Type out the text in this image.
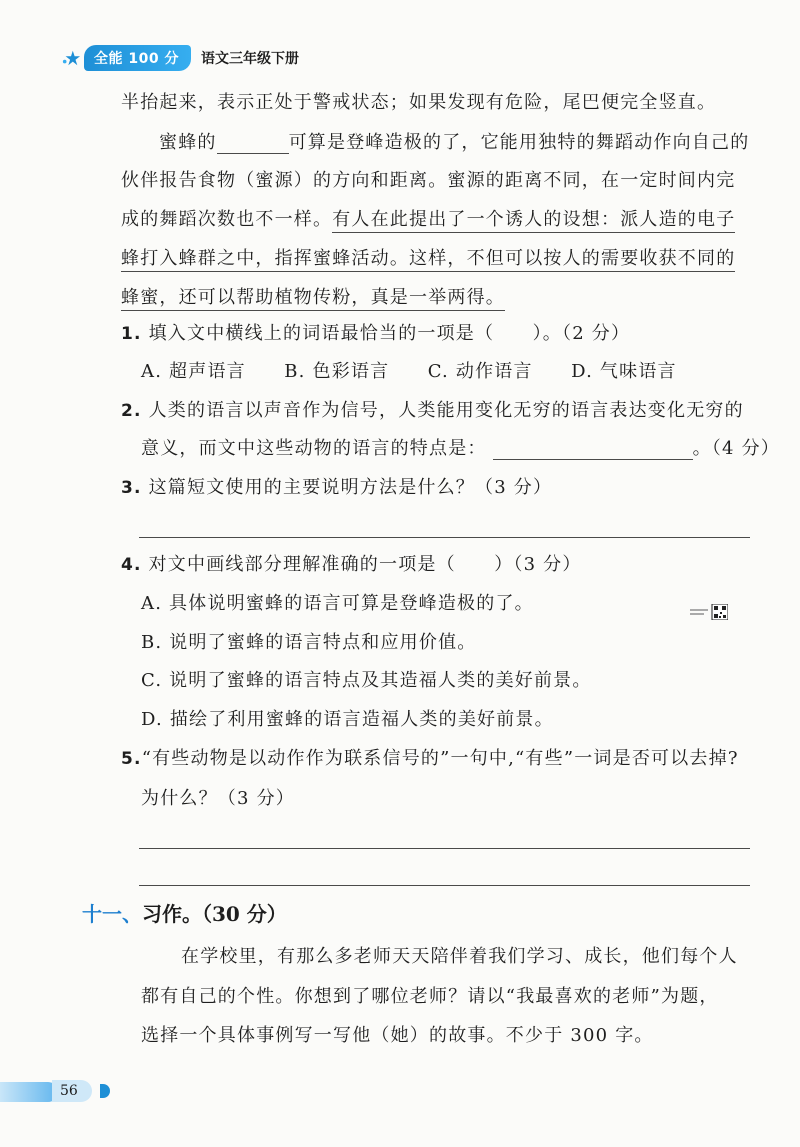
全能 100 分	语文三年级下册
半抬起来，表示正处于警戒状态；如果发现有危险，尾巴便完全竖直。
蜜蜂的	可算是登峰造极的了，它能用独特的舞蹈动作向自己的
伙伴报告食物（蜜源）的方向和距离。蜜源的距离不同，在一定时间内完
成的舞蹈次数也不一样。有人在此提出了一个诱人的设想：派人造的电子
蜂打入蜂群之中，指挥蜜蜂活动。这样，不但可以按人的需要收获不同的
蜂蜜，还可以帮助植物传粉，真是一举两得。
1. 填入文中横线上的词语最恰当的一项是（　　）。（2 分）
A. 超声语言　　B. 色彩语言　　C. 动作语言　　D. 气味语言
2. 人类的语言以声音作为信号，人类能用变化无穷的语言表达变化无穷的
意义，而文中这些动物的语言的特点是：	。（4 分）
3. 这篇短文使用的主要说明方法是什么？（3 分）
4. 对文中画线部分理解准确的一项是（　　）（3 分）
A. 具体说明蜜蜂的语言可算是登峰造极的了。
B. 说明了蜜蜂的语言特点和应用价值。
C. 说明了蜜蜂的语言特点及其造福人类的美好前景。
D. 描绘了利用蜜蜂的语言造福人类的美好前景。
5.“有些动物是以动作作为联系信号的”一句中,“有些”一词是否可以去掉?
为什么？（3 分）
十一、习作。（30 分）
在学校里，有那么多老师天天陪伴着我们学习、成长，他们每个人
都有自己的个性。你想到了哪位老师？请以“我最喜欢的老师”为题，
选择一个具体事例写一写他（她）的故事。不少于 300 字。
56
